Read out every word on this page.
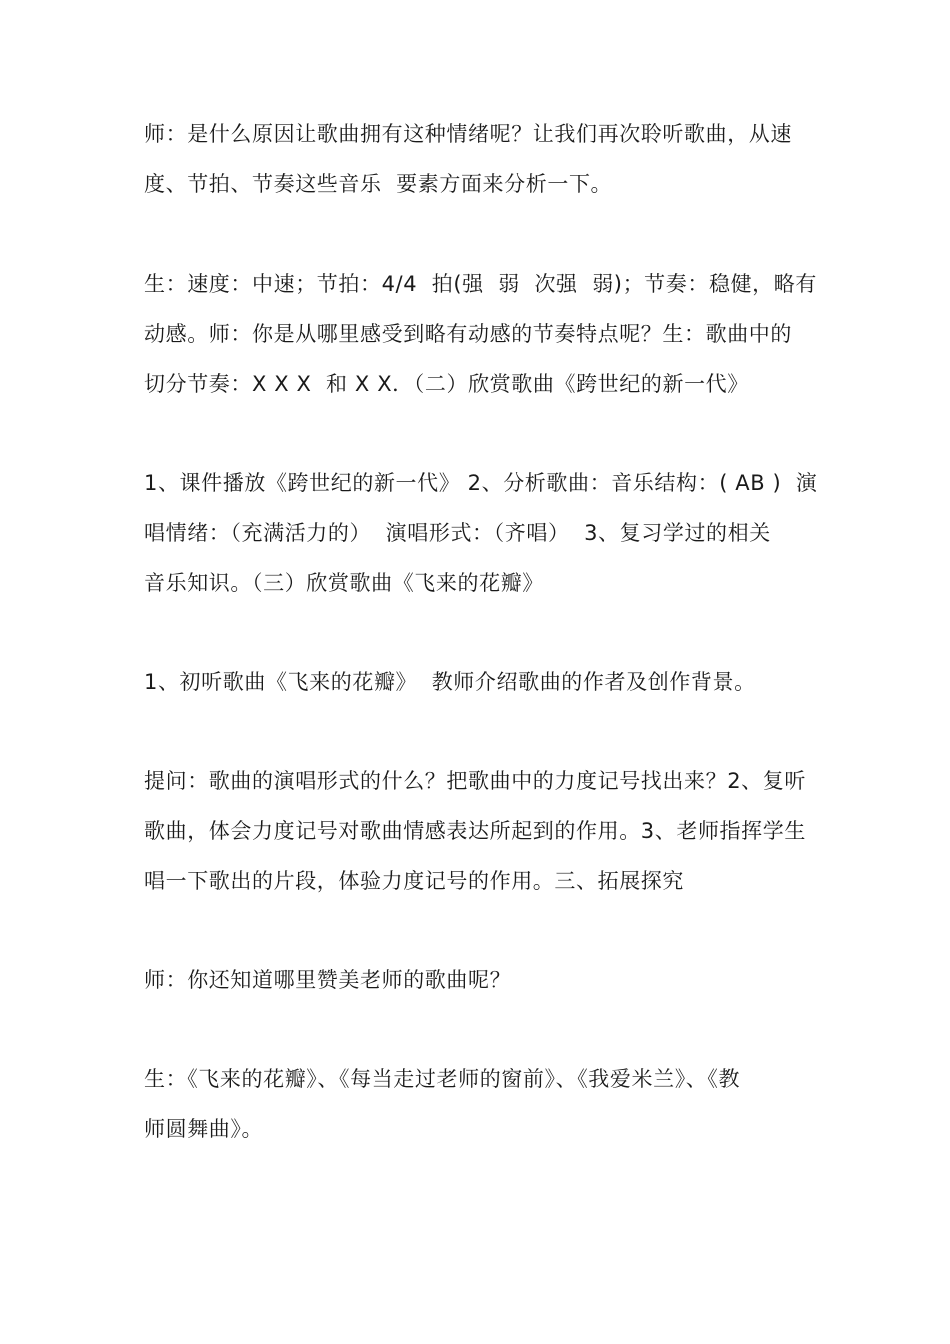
师：是什么原因让歌曲拥有这种情绪呢？让我们再次聆听歌曲，从速
度、节拍、节奏这些音乐  要素方面来分析一下。

生：速度：中速；节拍：4/4  拍(强  弱  次强  弱)；节奏：稳健，略有
动感。师：你是从哪里感受到略有动感的节奏特点呢？生：歌曲中的
切分节奏：X X X  和 X X．（二）欣赏歌曲《跨世纪的新一代》

1、课件播放《跨世纪的新一代》 2、分析歌曲：音乐结构：( AB )  演
唱情绪：（充满活力的）  演唱形式：（齐唱）  3、复习学过的相关
音乐知识。（三）欣赏歌曲《飞来的花瓣》

1、初听歌曲《飞来的花瓣》  教师介绍歌曲的作者及创作背景。

提问：歌曲的演唱形式的什么？把歌曲中的力度记号找出来？2、复听
歌曲，体会力度记号对歌曲情感表达所起到的作用。3、老师指挥学生
唱一下歌出的片段，体验力度记号的作用。三、拓展探究

师：你还知道哪里赞美老师的歌曲呢？

生：《飞来的花瓣》、《每当走过老师的窗前》、《我爱米兰》、《教
师圆舞曲》。
